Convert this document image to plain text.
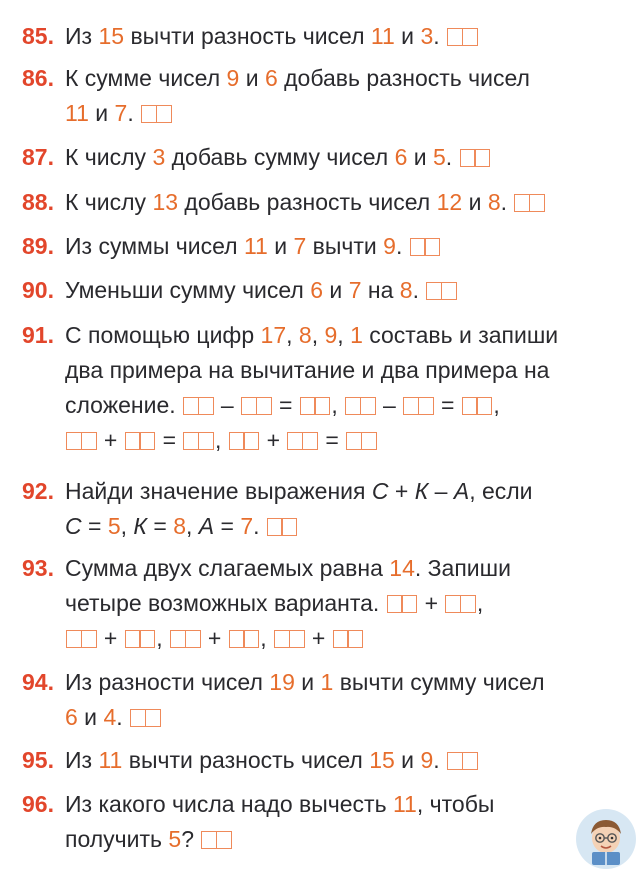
85. Из 15 вычти разность чисел 11 и 3.
86. К сумме чисел 9 и 6 добавь разность чисел
11 и 7.
87. К числу 3 добавь сумму чисел 6 и 5.
88. К числу 13 добавь разность чисел 12 и 8.
89. Из суммы чисел 11 и 7 вычти 9.
90. Уменьши сумму чисел 6 и 7 на 8.
91. С помощью цифр 17, 8, 9, 1 составь и запиши
два примера на вычитание и два примера на
сложение.  –  = ,  –  = ,
+  = ,  +  =
92. Найди значение выражения С + К – А, если
С = 5, К = 8, А = 7.
93. Сумма двух слагаемых равна 14. Запиши
четыре возможных варианта.  + ,
+ ,  + ,  +
94. Из разности чисел 19 и 1 вычти сумму чисел
6 и 4.
95. Из 11 вычти разность чисел 15 и 9.
96. Из какого числа надо вычесть 11, чтобы
получить 5?
